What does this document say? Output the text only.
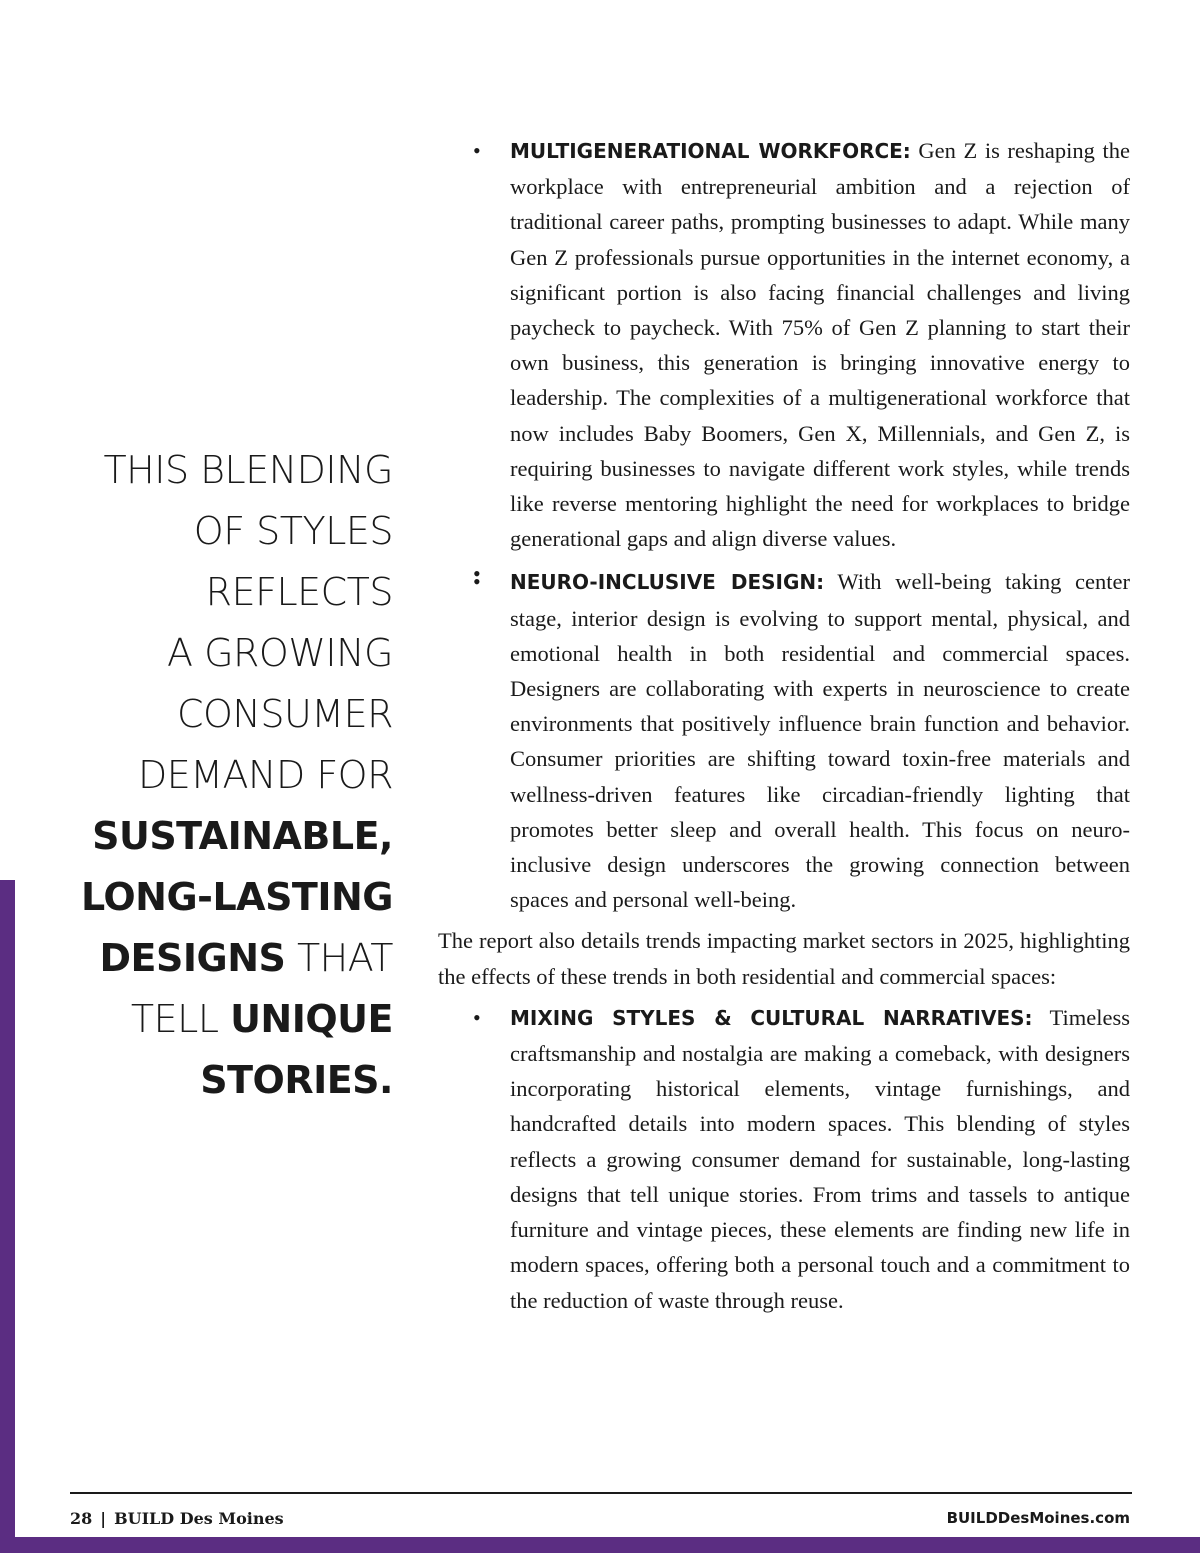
THIS BLENDING
OF STYLES
REFLECTS
A GROWING
CONSUMER
DEMAND FOR
SUSTAINABLE,
LONG-LASTING
DESIGNS THAT
TELL UNIQUE
STORIES.
• MULTIGENERATIONAL WORKFORCE: Gen Z is reshaping the workplace with entrepreneurial ambition and a rejection of traditional career paths, prompting businesses to adapt. While many Gen Z professionals pursue opportunities in the internet economy, a significant portion is also facing financial challenges and living paycheck to paycheck. With 75% of Gen Z planning to start their own business, this generation is bringing innovative energy to leadership. The complexities of a multigenerational workforce that now includes Baby Boomers, Gen X, Millennials, and Gen Z, is requiring businesses to navigate different work styles, while trends like reverse mentoring highlight the need for workplaces to bridge generational gaps and align diverse values.
•
• NEURO-INCLUSIVE DESIGN: With well-being taking center stage, interior design is evolving to support mental, physical, and emotional health in both residential and commercial spaces. Designers are collaborating with experts in neuroscience to create environments that positively influence brain function and behavior. Consumer priorities are shifting toward toxin-free materials and wellness-driven features like circadian-friendly lighting that promotes better sleep and overall health. This focus on neuro-inclusive design underscores the growing connection between spaces and personal well-being.

The report also details trends impacting market sectors in 2025, highlighting the effects of these trends in both residential and commercial spaces:

• MIXING STYLES & CULTURAL NARRATIVES: Timeless craftsmanship and nostalgia are making a comeback, with designers incorporating historical elements, vintage furnishings, and handcrafted details into modern spaces. This blending of styles reflects a growing consumer demand for sustainable, long-lasting designs that tell unique stories. From trims and tassels to antique furniture and vintage pieces, these elements are finding new life in modern spaces, offering both a personal touch and a commitment to the reduction of waste through reuse.
28 | BUILD Des Moines	BUILDDesMoines.com
